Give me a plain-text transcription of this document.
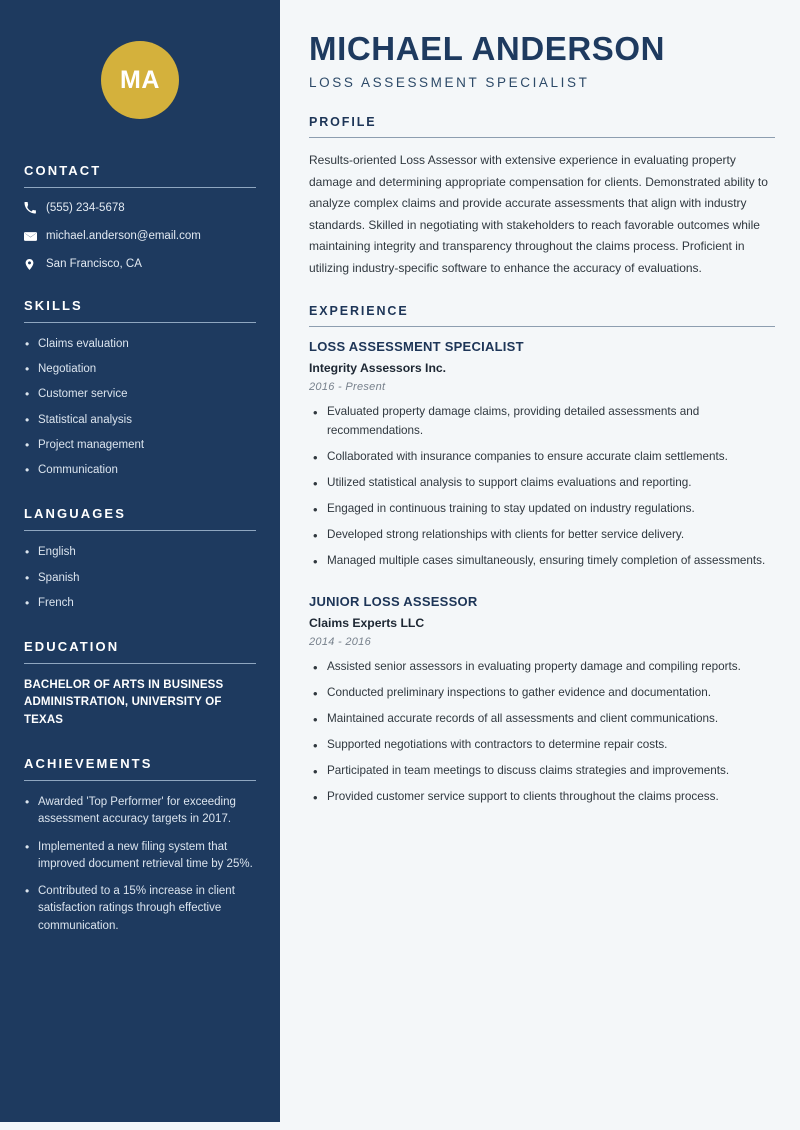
MA
CONTACT
(555) 234-5678
michael.anderson@email.com
San Francisco, CA
SKILLS
• Claims evaluation
• Negotiation
• Customer service
• Statistical analysis
• Project management
• Communication
LANGUAGES
• English
• Spanish
• French
EDUCATION
BACHELOR OF ARTS IN BUSINESS ADMINISTRATION, UNIVERSITY OF TEXAS
ACHIEVEMENTS
• Awarded 'Top Performer' for exceeding assessment accuracy targets in 2017.
• Implemented a new filing system that improved document retrieval time by 25%.
• Contributed to a 15% increase in client satisfaction ratings through effective communication.
MICHAEL ANDERSON
LOSS ASSESSMENT SPECIALIST
PROFILE

Results-oriented Loss Assessor with extensive experience in evaluating property damage and determining appropriate compensation for clients. Demonstrated ability to analyze complex claims and provide accurate assessments that align with industry standards. Skilled in negotiating with stakeholders to reach favorable outcomes while maintaining integrity and transparency throughout the claims process. Proficient in utilizing industry-specific software to enhance the accuracy of evaluations.

EXPERIENCE
LOSS ASSESSMENT SPECIALIST
Integrity Assessors Inc.
2016 - Present
• Evaluated property damage claims, providing detailed assessments and recommendations.
• Collaborated with insurance companies to ensure accurate claim settlements.
• Utilized statistical analysis to support claims evaluations and reporting.
• Engaged in continuous training to stay updated on industry regulations.
• Developed strong relationships with clients for better service delivery.
• Managed multiple cases simultaneously, ensuring timely completion of assessments.
JUNIOR LOSS ASSESSOR
Claims Experts LLC
2014 - 2016
• Assisted senior assessors in evaluating property damage and compiling reports.
• Conducted preliminary inspections to gather evidence and documentation.
• Maintained accurate records of all assessments and client communications.
• Supported negotiations with contractors to determine repair costs.
• Participated in team meetings to discuss claims strategies and improvements.
• Provided customer service support to clients throughout the claims process.
